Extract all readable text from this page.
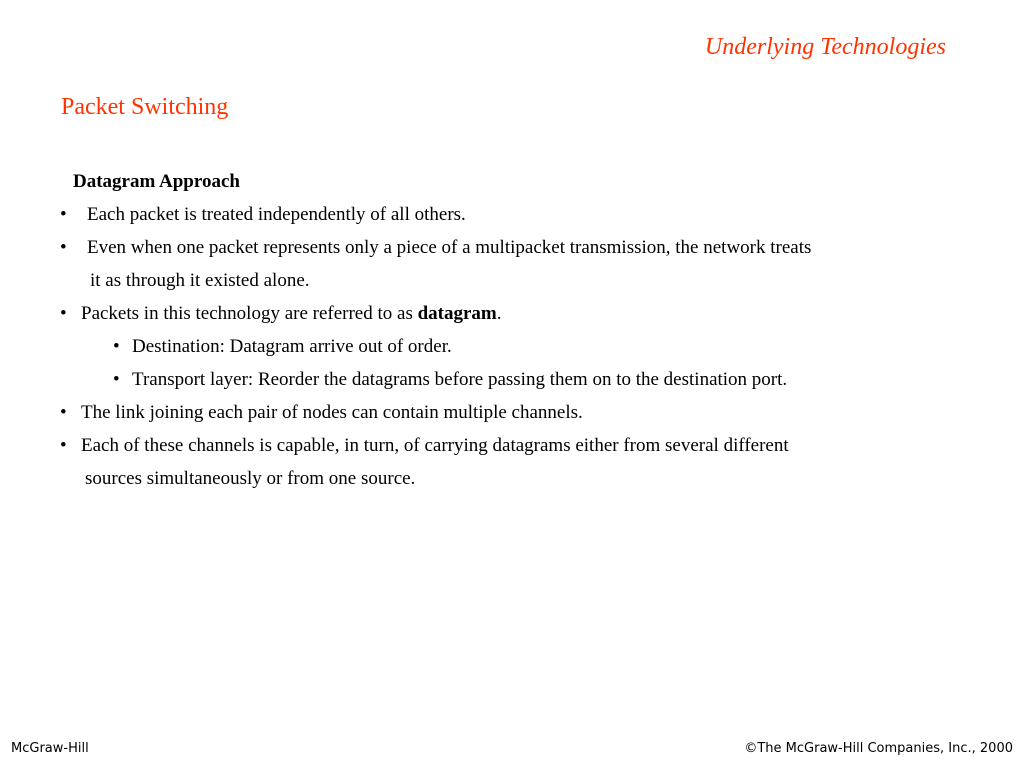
Underlying Technologies
Packet Switching
Datagram Approach
• Each packet is treated independently of all others.
• Even when one packet represents only a piece of a multipacket transmission, the network treats
it as through it existed alone.
• Packets in this technology are referred to as datagram.
• Destination: Datagram arrive out of order.
• Transport layer: Reorder the datagrams before passing them on to the destination port.
• The link joining each pair of nodes can contain multiple channels.
• Each of these channels is capable, in turn, of carrying datagrams either from several different
sources simultaneously or from one source.
McGraw-Hill	©The McGraw-Hill Companies, Inc., 2000
